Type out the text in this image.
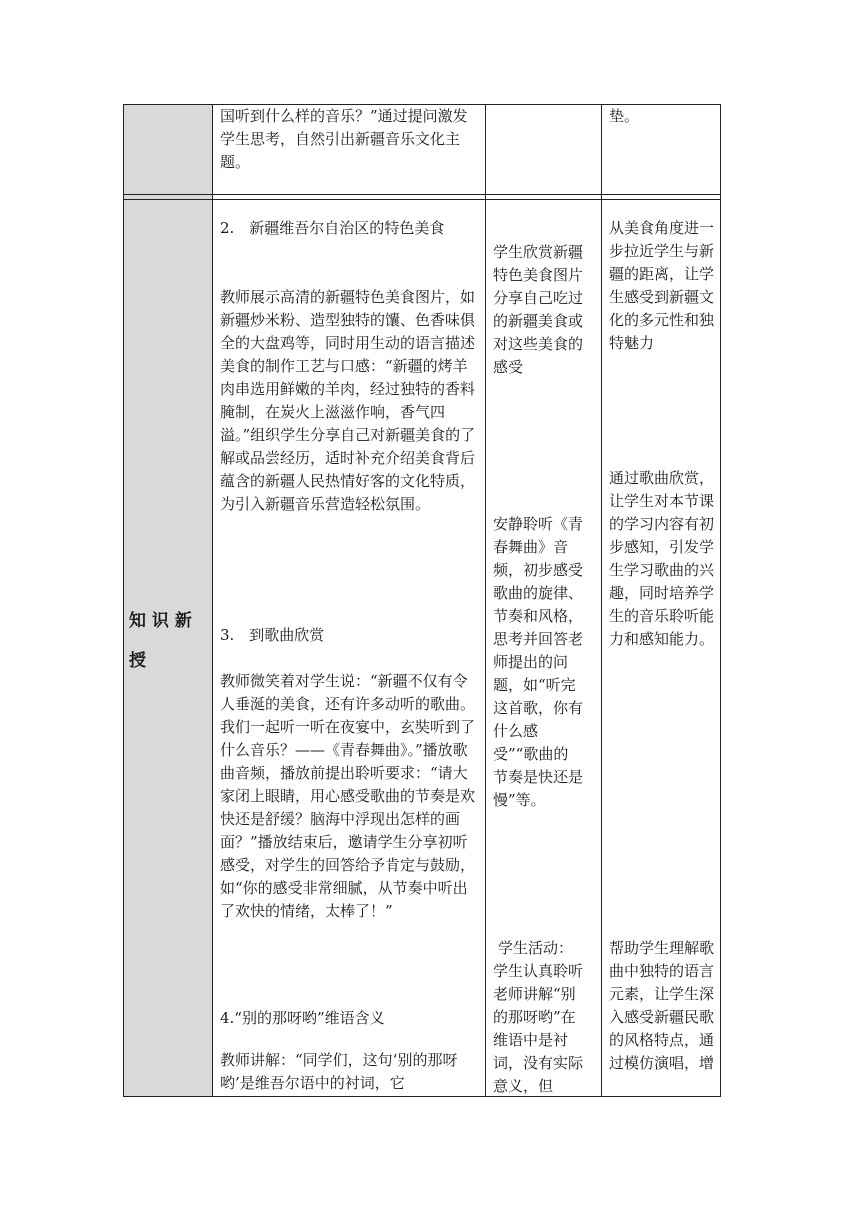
国听到什么样的音乐？”通过提问激发学生思考，自然引出新疆音乐文化主题。

垫。

知 识 新
授

2.　新疆维吾尔自治区的特色美食

教师展示高清的新疆特色美食图片，如新疆炒米粉、造型独特的馕、色香味俱全的大盘鸡等，同时用生动的语言描述美食的制作工艺与口感：“新疆的烤羊肉串选用鲜嫩的羊肉，经过独特的香料腌制，在炭火上滋滋作响，香气四溢。”组织学生分享自己对新疆美食的了解或品尝经历，适时补充介绍美食背后蕴含的新疆人民热情好客的文化特质，为引入新疆音乐营造轻松氛围。

3.　到歌曲欣赏

教师微笑着对学生说：“新疆不仅有令人垂涎的美食，还有许多动听的歌曲。我们一起听一听在夜宴中，玄奘听到了什么音乐？——《青春舞曲》。”播放歌曲音频，播放前提出聆听要求：“请大家闭上眼睛，用心感受歌曲的节奏是欢快还是舒缓？脑海中浮现出怎样的画面？”播放结束后，邀请学生分享初听感受，对学生的回答给予肯定与鼓励，如“你的感受非常细腻，从节奏中听出了欢快的情绪，太棒了！”

4.“别的那呀哟”维语含义

教师讲解：“同学们，这句‘别的那呀哟’是维吾尔语中的衬词，它

学生欣赏新疆特色美食图片分享自己吃过的新疆美食或对这些美食的感受

安静聆听《青春舞曲》音频，初步感受歌曲的旋律、节奏和风格，思考并回答老师提出的问题，如“听完这首歌，你有什么感受”“歌曲的节奏是快还是慢”等。

学生活动：

学生认真聆听老师讲解“别的那呀哟”在维语中是衬词，没有实际意义，但

从美食角度进一步拉近学生与新疆的距离，让学生感受到新疆文化的多元性和独特魅力

通过歌曲欣赏，让学生对本节课的学习内容有初步感知，引发学生学习歌曲的兴趣，同时培养学生的音乐聆听能力和感知能力。

帮助学生理解歌曲中独特的语言元素，让学生深入感受新疆民歌的风格特点，通过模仿演唱，增
